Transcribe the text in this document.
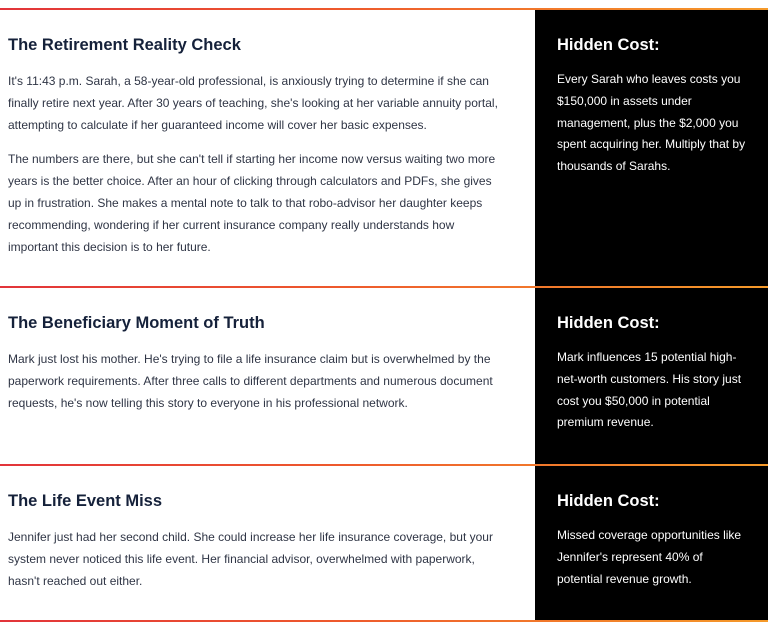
The Retirement Reality Check

It's 11:43 p.m. Sarah, a 58-year-old professional, is anxiously trying to determine if she can finally retire next year. After 30 years of teaching, she's looking at her variable annuity portal, attempting to calculate if her guaranteed income will cover her basic expenses.

The numbers are there, but she can't tell if starting her income now versus waiting two more years is the better choice. After an hour of clicking through calculators and PDFs, she gives up in frustration. She makes a mental note to talk to that robo-advisor her daughter keeps recommending, wondering if her current insurance company really understands how important this decision is to her future.

Hidden Cost:

Every Sarah who leaves costs you $150,000 in assets under management, plus the $2,000 you spent acquiring her. Multiply that by thousands of Sarahs.

The Beneficiary Moment of Truth

Mark just lost his mother. He's trying to file a life insurance claim but is overwhelmed by the paperwork requirements. After three calls to different departments and numerous document requests, he's now telling this story to everyone in his professional network.

Hidden Cost:

Mark influences 15 potential high-net-worth customers. His story just cost you $50,000 in potential premium revenue.

The Life Event Miss

Jennifer just had her second child. She could increase her life insurance coverage, but your system never noticed this life event. Her financial advisor, overwhelmed with paperwork, hasn't reached out either.

Hidden Cost:

Missed coverage opportunities like Jennifer's represent 40% of potential revenue growth.
